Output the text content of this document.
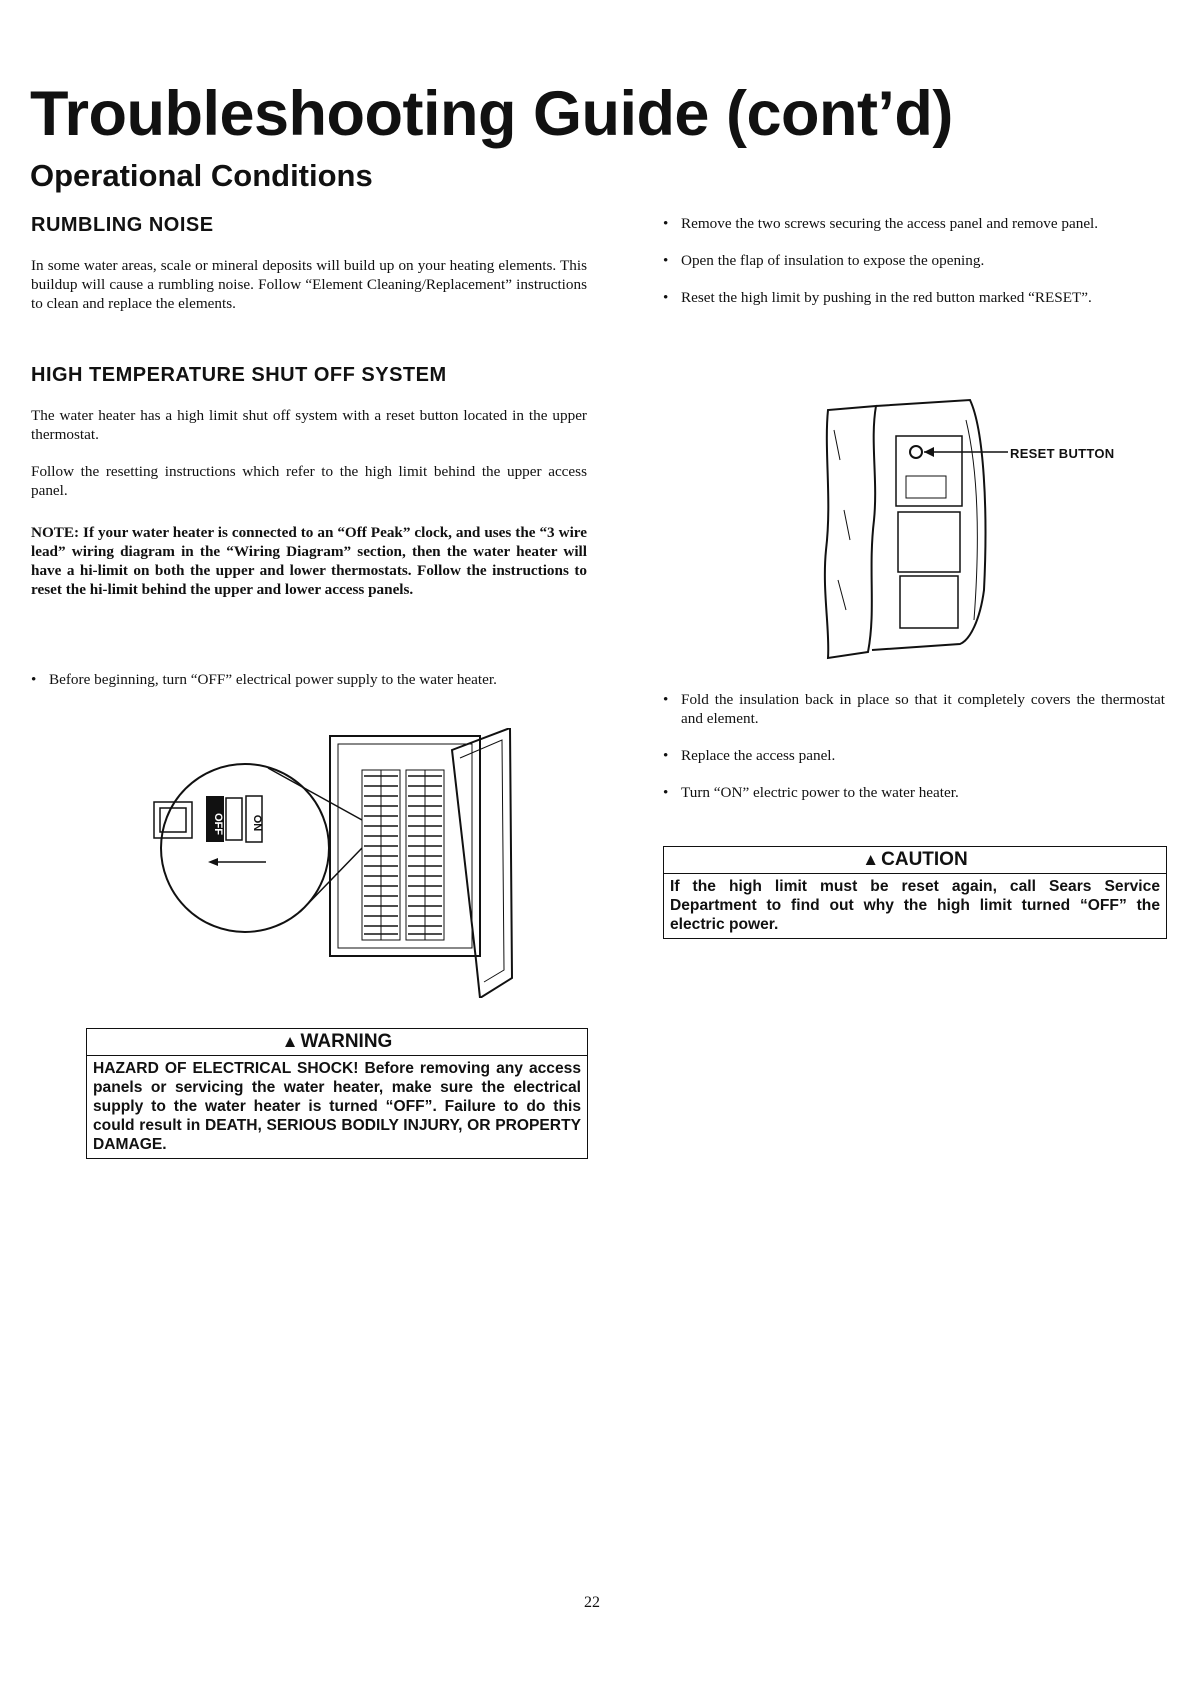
Troubleshooting Guide (cont’d)
Operational Conditions
RUMBLING NOISE

In some water areas, scale or mineral deposits will build up on your heating elements. This buildup will cause a rumbling noise. Follow “Element Cleaning/Replacement” instructions to clean and replace the elements.

HIGH TEMPERATURE SHUT OFF SYSTEM

The water heater has a high limit shut off system with a reset button located in the upper thermostat.

Follow the resetting instructions which refer to the high limit behind the upper access panel.

NOTE: If your water heater is connected to an “Off Peak” clock, and uses the “3 wire lead” wiring diagram in the “Wiring Diagram” section, then the water heater will have a hi-limit on both the upper and lower thermostats. Follow the instructions to reset the hi-limit behind the upper and lower access panels.

• Before beginning, turn “OFF” electrical power supply to the water heater.
OFF ON
▲ WARNING
HAZARD OF ELECTRICAL SHOCK! Before removing any access panels or servicing the water heater, make sure the electrical supply to the water heater is turned “OFF”. Failure to do this could result in DEATH, SERIOUS BODILY INJURY, OR PROPERTY DAMAGE.
• Remove the two screws securing the access panel and remove panel.
• Open the flap of insulation to expose the opening.
• Reset the high limit by pushing in the red button marked “RESET”.
RESET BUTTON
• Fold the insulation back in place so that it completely covers the thermostat and element.
• Replace the access panel.
• Turn “ON” electric power to the water heater.
▲ CAUTION
If the high limit must be reset again, call Sears Service Department to find out why the high limit turned “OFF” the electric power.
22
